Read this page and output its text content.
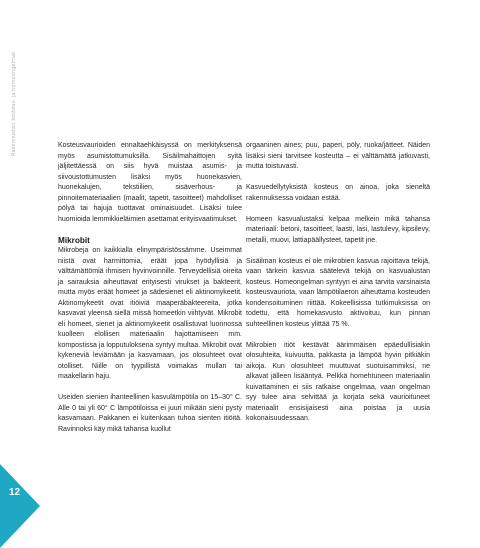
Rakennusten kosteus- ja homeongelmat	Kosteusvaurioiden ennaltaehkäisyssä on merkityksensä myös asumistottumuksilla. Sisäilmahaittojen syitä jäljitettäessä on siis hyvä muistaa asumis- ja siivoustottumusten lisäksi myös huonekasvien, huonekalujen, tekstiilien, sisäverhous- ja pinnoitemateriaalien (maalit, tapetit, tasoitteet) mahdolliset pölyä tai hajuja tuottavat ominaisuudet. Lisäksi tulee huomioida lemmikkieläimien asettamat erityisvaatimukset.

Mikrobit

Mikrobeja on kaikkialla elinympäristössämme. Useimmat niistä ovat harmittomia, eräät jopa hyödyllisiä ja välttämättömiä ihmisen hyvinvoinnille. Terveydellisiä oireita ja sairauksia aiheuttavat erityisesti virukset ja bakteerit, mutta myös eräät homeet ja sädesienet eli aktinomykeetit. Aktinomykeetit ovat itiöiviä maaperäbakteereita, jotka kasvavat yleensä siellä missä homeetkin viihtyvät. Mikrobit eli homeet, sienet ja aktinomykeetit osallistuvat luonnossa kuolleen elollisen materiaalin hajottamiseen mm. kompostissa ja lopputuloksena syntyy multaa. Mikrobit ovat kykeneviä leviämään ja kasvamaan, jos olosuhteet ovat otolliset. Niille on tyypillistä voimakas mullan tai maakellarin haju.

Useiden sienien ihanteellinen kasvulämpötila on 15–30° C. Alle 0 tai yli 60° C lämpötiloissa ei juuri mikään sieni pysty kasvamaan. Pakkanen ei kuitenkaan tuhoa sienten itiöitä. Ravinnoksi käy mikä tahansa kuollut

orgaaninen aines; puu, paperi, pöly, ruoka/jätteet. Näiden lisäksi sieni tarvitsee kosteutta – ei välttämättä jatkuvasti, mutta toistuvasti.

Kasvuedellytyksistä kosteus on ainoa, joka sieneltä rakennuksessa voidaan estää.

Homeen kasvualustaksi kelpaa melkein mikä tahansa materiaali: betoni, tasoitteet, laasti, lasi, lastulevy, kipsilevy, metalli, muovi, lattiapäällysteet, tapetit jne.

Sisäilman kosteus ei ole mikrobien kasvua rajoittava tekijä, vaan tärkein kasvua säätelevä tekijä on kasvualustan kosteus. Homeongelman syntyyn ei aina tarvita varsinaista kosteusvauriota, vaan lämpötilaeron aiheuttama kosteuden kondensoituminen riittää. Kokeellisissa tutkimuksissa on todettu, että homekasvusto aktivoituu, kun pinnan suhteellinen kosteus ylittää 75 %.

Mikrobien itiöt kestävät äärimmäisen epäedullisiakin olosuhteita, kuivuutta, pakkasta ja lämpöä hyvin pitkiäkin aikoja. Kun olosuhteet muuttuvat suotuisammiksi, ne alkavat jälleen lisääntyä. Pelkkä homehtuneen materiaalin kuivattaminen ei siis ratkaise ongelmaa, vaan ongelman syy tulee aina selvittää ja korjata sekä vaurioituneet materiaalit ensisijaisesti aina poistaa ja uusia kokonaisuudessaan.

12
